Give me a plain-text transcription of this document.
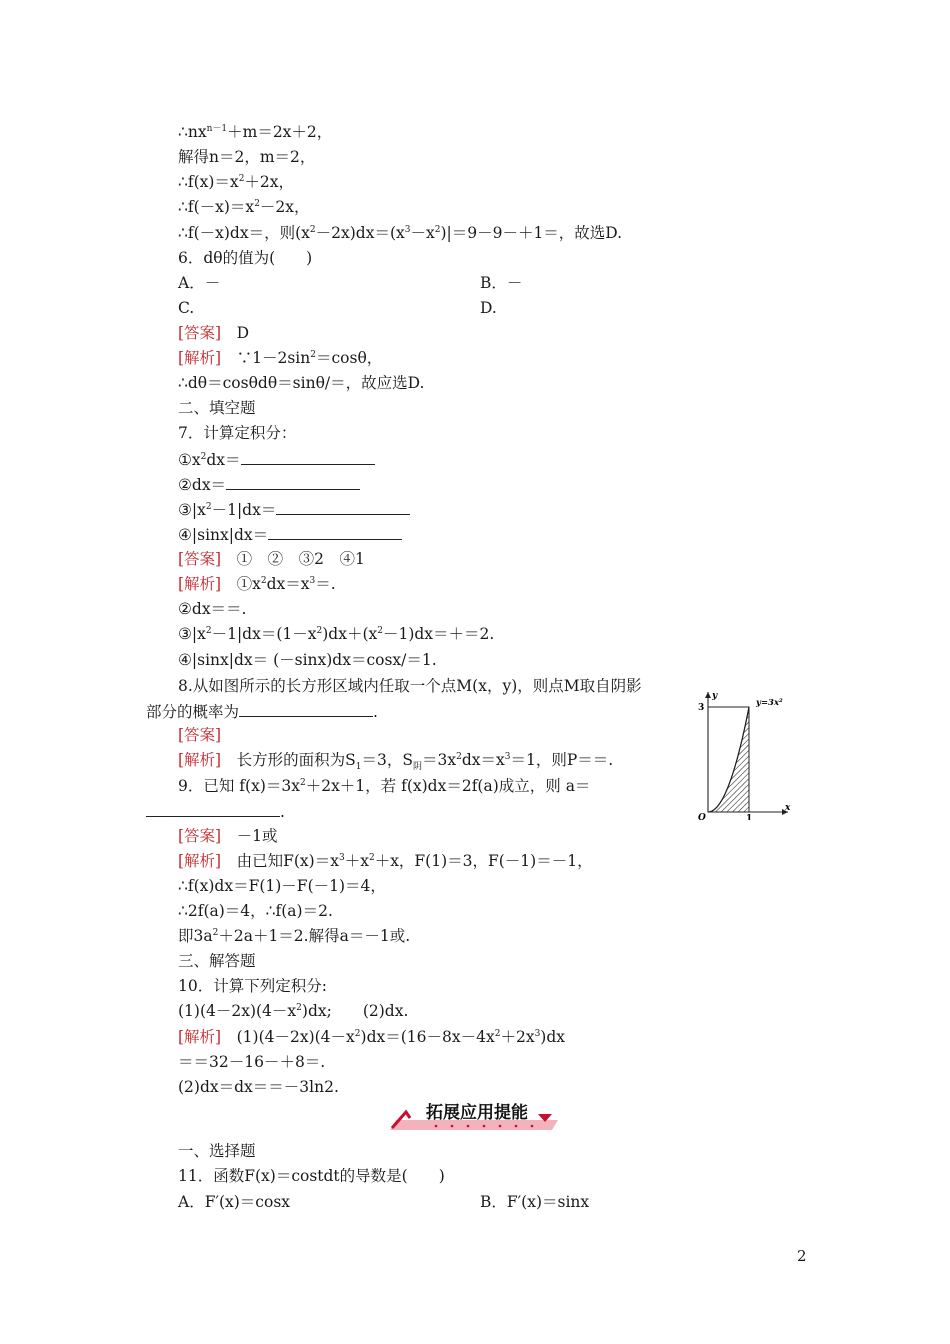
$\therefore nx^{n-1}+m=2x+2$，
解得n＝2，m＝2，
$\therefore f(x)=x^2+2x$，
$\therefore f(-x)=x^2-2x$，
∴f(－x)dx＝，则$(x^2-2x)dx=(x^3-x^2)|=9-9-+1=$，故选D.
6．dθ的值为(　　)
A．－	B．－
C.	D.
[答案]　 D
[解析]　 $\because 1-2\sin^2=\cos\theta$，
∴dθ＝cosθdθ＝sinθ/＝，故应选D.
二、填空题
7．计算定积分：
$①x^2dx=$
②dx＝
$③|x^2-1|dx=$
④|sinx|dx＝
[答案]　 ①　②　③2　④1
[解析]　 $①x^2dx=x^3=$.
②dx＝＝.
$③|x^2-1|dx=(1-x^2)dx+(x^2-1)dx=+=2$.
④|sinx|dx＝ (－sinx)dx＝cosx/＝1.
8.从如图所示的长方形区域内任取一个点M(x，y)，则点M取自阴影
部分的概率为	.
[答案]
[解析]　 长方形的面积为$S_1=3$，$S_阴=3x^2dx=x^3=1$，则P＝＝.
9．已知 $f(x)=3x^2+2x+1$，若 f(x)dx＝2f(a)成立，则 a＝
.
[答案]　 －1或
[解析]　 由已知$F(x)=x^3+x^2+x$，F(1)＝3，F(－1)＝－1，
∴f(x)dx＝F(1)－F(－1)＝4，
∴2f(a)＝4，∴f(a)＝2.
即$3a^2+2a+1=2$.解得a＝－1或.
三、解答题
10．计算下列定积分:
$(1)(4-2x)(4-x^2)dx$;　　(2)dx.
[解析]　 $(1)(4-2x)(4-x^2)dx=(16-8x-4x^2+2x^3)dx$
＝＝32－16－＋8＝.
(2)dx＝dx＝＝－3ln2.
拓展应用提能
一、选择题
11．函数F(x)＝costdt的导数是(　　)
A．F′(x)＝cosx	B．F′(x)＝sinx
y
x
O
3
1
y=3x²
2
